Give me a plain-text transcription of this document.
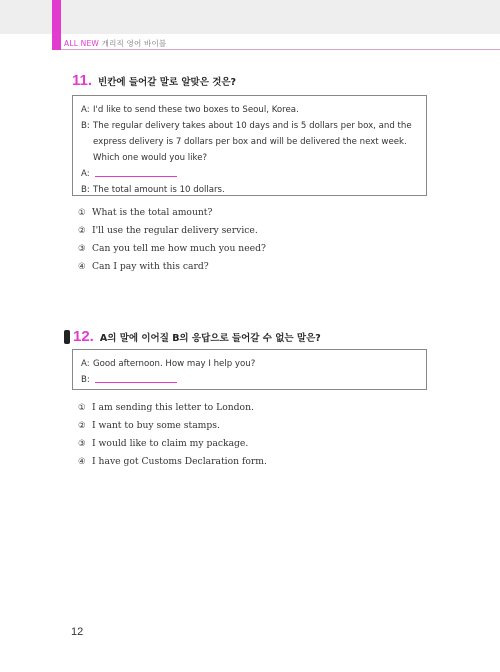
ALL NEW 개리직 영어 바이블
11. 빈칸에 들어갈 말로 알맞은 것은?
A: I'd like to send these two boxes to Seoul, Korea.
B: The regular delivery takes about 10 days and is 5 dollars per box, and the express delivery is 7 dollars per box and will be delivered the next week. Which one would you like?
A:
B: The total amount is 10 dollars.
① What is the total amount?
② I'll use the regular delivery service.
③ Can you tell me how much you need?
④ Can I pay with this card?
12. A의 말에 이어질 B의 응답으로 들어갈 수 없는 말은?
A: Good afternoon. How may I help you?
B:
① I am sending this letter to London.
② I want to buy some stamps.
③ I would like to claim my package.
④ I have got Customs Declaration form.
12
